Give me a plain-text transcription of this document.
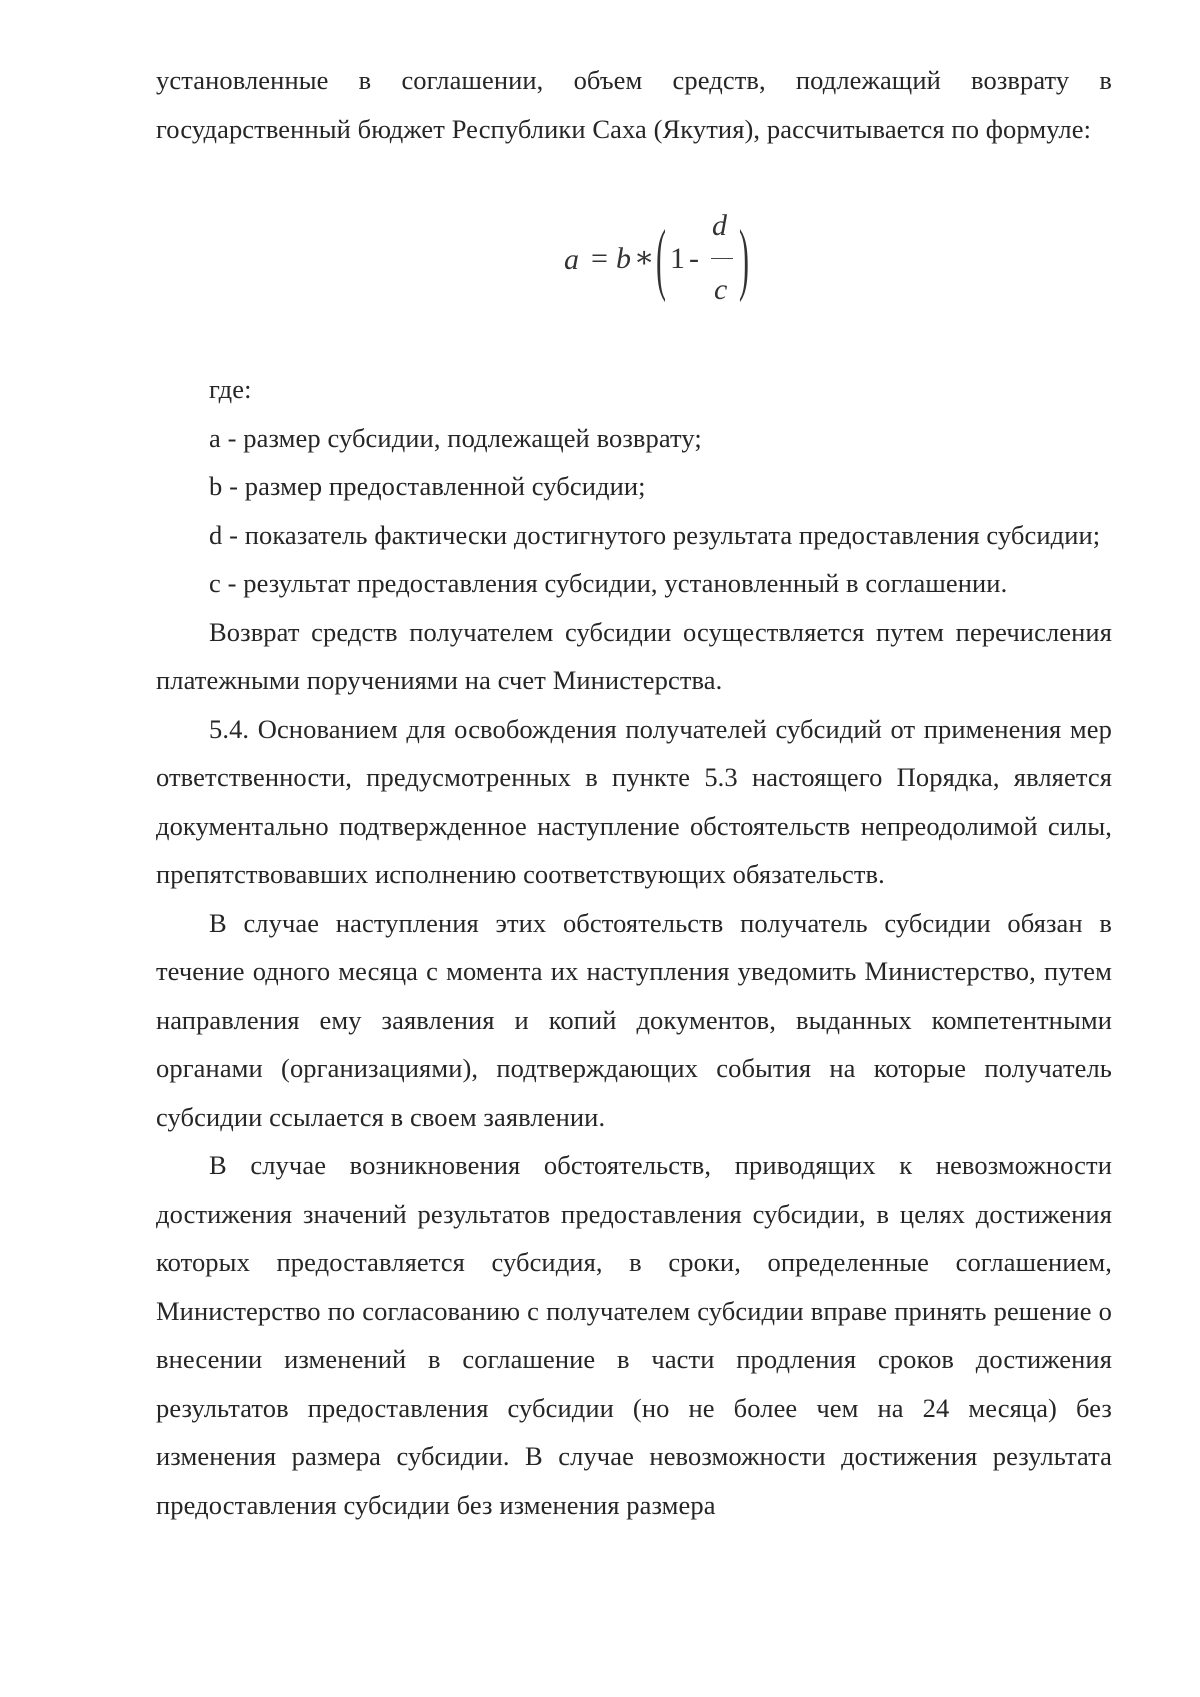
установленные в соглашении, объем средств, подлежащий возврату в государственный бюджет Республики Саха (Якутия), рассчитывается по формуле:

a = b ∗ ( 1 -
d
c )

где:

а - размер субсидии, подлежащей возврату;

b - размер предоставленной субсидии;

d - показатель фактически достигнутого результата предоставления субсидии;

с - результат предоставления субсидии, установленный в соглашении.

Возврат средств получателем субсидии осуществляется путем перечисления платежными поручениями на счет Министерства.

5.4. Основанием для освобождения получателей субсидий от применения мер ответственности, предусмотренных в пункте 5.3 настоящего Порядка, является документально подтвержденное наступление обстоятельств непреодолимой силы, препятствовавших исполнению соответствующих обязательств.

В случае наступления этих обстоятельств получатель субсидии обязан в течение одного месяца с момента их наступления уведомить Министерство, путем направления ему заявления и копий документов, выданных компетентными органами (организациями), подтверждающих события на которые получатель субсидии ссылается в своем заявлении.

В случае возникновения обстоятельств, приводящих к невозможности достижения значений результатов предоставления субсидии, в целях достижения которых предоставляется субсидия, в сроки, определенные соглашением, Министерство по согласованию с получателем субсидии вправе принять решение о внесении изменений в соглашение в части продления сроков достижения результатов предоставления субсидии (но не более чем на 24 месяца) без изменения размера субсидии. В случае невозможности достижения результата предоставления субсидии без изменения размера
